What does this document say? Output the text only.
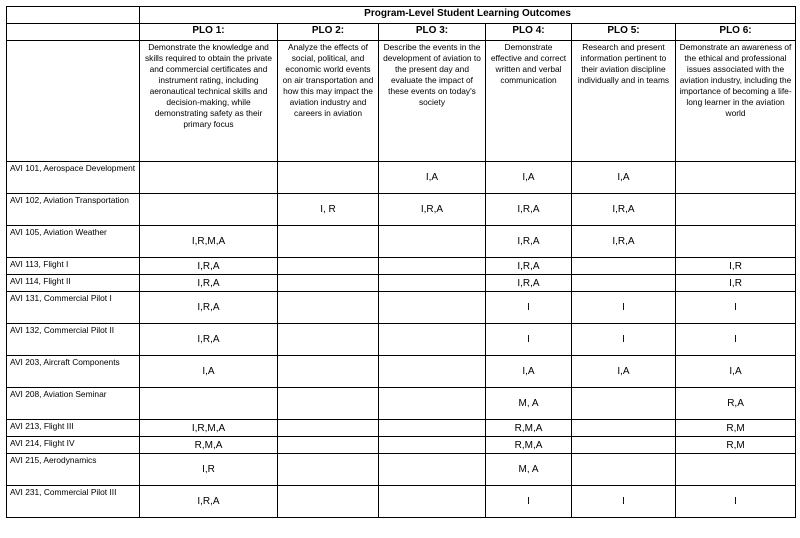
	Program-Level Student Learning Outcomes					
	PLO 1:	PLO 2:	PLO 3:	PLO 4:	PLO 5:	PLO 6:
	Demonstrate the knowledge and skills required to obtain the private and commercial certificates and instrument rating, including aeronautical technical skills and decision-making, while demonstrating safety as their primary focus	Analyze the effects of social, political, and economic world events on air transportation and how this may impact the aviation industry and careers in aviation	Describe the events in the development of aviation to the present day and evaluate the impact of these events on today's society	Demonstrate effective and correct written and verbal communication	Research and present information pertinent to their aviation discipline individually and in teams	Demonstrate an awareness of the ethical and professional issues associated with the aviation industry, including the importance of becoming a life-long learner in the aviation world
AVI 101, Aerospace Development			I,A	I,A	I,A	
AVI 102, Aviation Transportation		I, R	I,R,A	I,R,A	I,R,A	
AVI 105, Aviation Weather	I,R,M,A			I,R,A	I,R,A	
AVI 113, Flight I	I,R,A			I,R,A		I,R
AVI 114, Flight II	I,R,A			I,R,A		I,R
AVI 131, Commercial Pilot I	I,R,A			I	I	I
AVI 132, Commercial Pilot II	I,R,A			I	I	I
AVI 203, Aircraft Components	I,A			I,A	I,A	I,A
AVI 208, Aviation Seminar				M, A		R,A
AVI 213, Flight III	I,R,M,A			R,M,A		R,M
AVI 214, Flight IV	R,M,A			R,M,A		R,M
AVI 215, Aerodynamics	I,R			M, A		
AVI 231, Commercial Pilot III	I,R,A			I	I	I
